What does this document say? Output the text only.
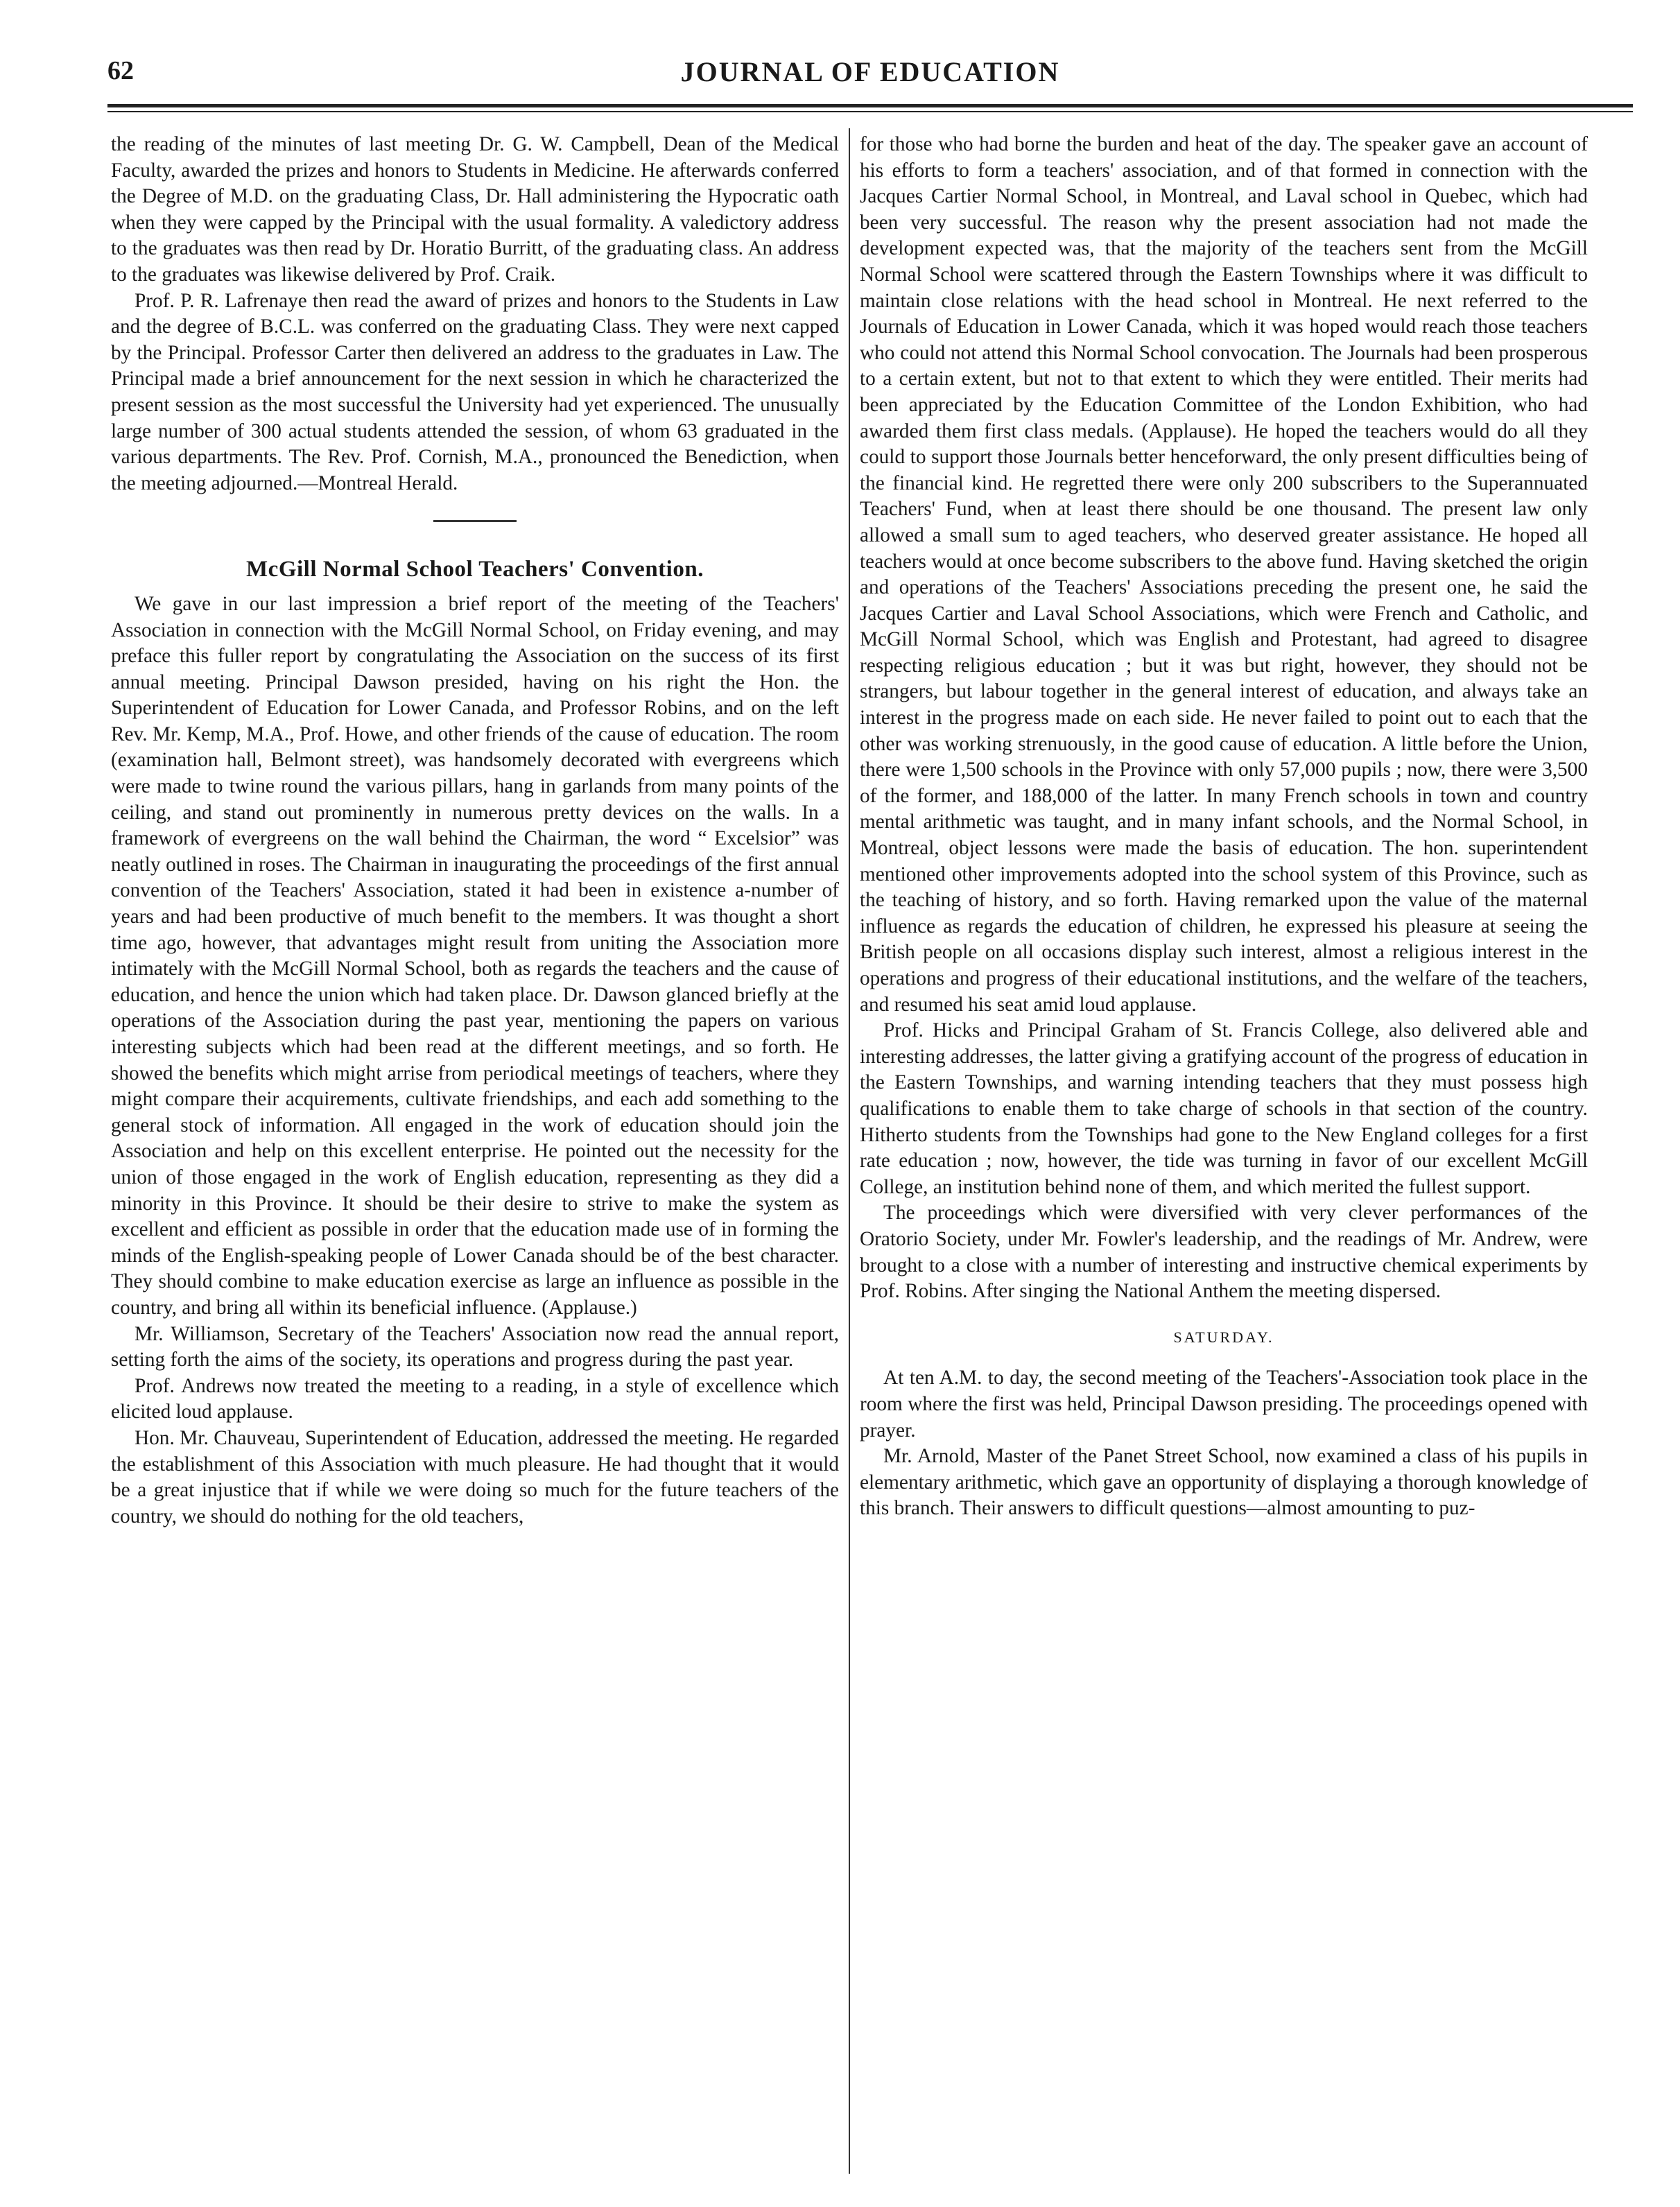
62	JOURNAL OF EDUCATION

the reading of the minutes of last meeting Dr. G. W. Campbell, Dean of the Medical Faculty, awarded the prizes and honors to Students in Medicine. He afterwards conferred the Degree of M.D. on the graduating Class, Dr. Hall administering the Hypocratic oath when they were capped by the Principal with the usual formality. A valedictory address to the graduates was then read by Dr. Horatio Burritt, of the graduating class. An address to the graduates was likewise delivered by Prof. Craik.

Prof. P. R. Lafrenaye then read the award of prizes and honors to the Students in Law and the degree of B.C.L. was conferred on the graduating Class. They were next capped by the Principal. Professor Carter then delivered an address to the graduates in Law. The Principal made a brief announcement for the next session in which he characterized the present session as the most successful the University had yet experienced. The unusually large number of 300 actual students attended the session, of whom 63 graduated in the various departments. The Rev. Prof. Cornish, M.A., pronounced the Benediction, when the meeting adjourned.—Montreal Herald.

McGill Normal School Teachers' Convention.

We gave in our last impression a brief report of the meeting of the Teachers' Association in connection with the McGill Normal School, on Friday evening, and may preface this fuller report by congratulating the Association on the success of its first annual meeting. Principal Dawson presided, having on his right the Hon. the Superintendent of Education for Lower Canada, and Professor Robins, and on the left Rev. Mr. Kemp, M.A., Prof. Howe, and other friends of the cause of education. The room (examination hall, Belmont street), was handsomely decorated with evergreens which were made to twine round the various pillars, hang in garlands from many points of the ceiling, and stand out prominently in numerous pretty devices on the walls. In a framework of evergreens on the wall behind the Chairman, the word “ Excelsior” was neatly outlined in roses. The Chairman in inaugurating the proceedings of the first annual convention of the Teachers' Association, stated it had been in existence a-number of years and had been productive of much benefit to the members. It was thought a short time ago, however, that advantages might result from uniting the Association more intimately with the McGill Normal School, both as regards the teachers and the cause of education, and hence the union which had taken place. Dr. Dawson glanced briefly at the operations of the Association during the past year, mentioning the papers on various interesting subjects which had been read at the different meetings, and so forth. He showed the benefits which might arrise from periodical meetings of teachers, where they might compare their acquirements, cultivate friendships, and each add something to the general stock of information. All engaged in the work of education should join the Association and help on this excellent enterprise. He pointed out the necessity for the union of those engaged in the work of English education, representing as they did a minority in this Province. It should be their desire to strive to make the system as excellent and efficient as possible in order that the education made use of in forming the minds of the English-speaking people of Lower Canada should be of the best character. They should combine to make education exercise as large an influence as possible in the country, and bring all within its beneficial influence. (Applause.)

Mr. Williamson, Secretary of the Teachers' Association now read the annual report, setting forth the aims of the society, its operations and progress during the past year.

Prof. Andrews now treated the meeting to a reading, in a style of excellence which elicited loud applause.

Hon. Mr. Chauveau, Superintendent of Education, addressed the meeting. He regarded the establishment of this Association with much pleasure. He had thought that it would be a great injustice that if while we were doing so much for the future teachers of the country, we should do nothing for the old teachers,

for those who had borne the burden and heat of the day. The speaker gave an account of his efforts to form a teachers' association, and of that formed in connection with the Jacques Cartier Normal School, in Montreal, and Laval school in Quebec, which had been very successful. The reason why the present association had not made the development expected was, that the majority of the teachers sent from the McGill Normal School were scattered through the Eastern Townships where it was difficult to maintain close relations with the head school in Montreal. He next referred to the Journals of Education in Lower Canada, which it was hoped would reach those teachers who could not attend this Normal School convocation. The Journals had been prosperous to a certain extent, but not to that extent to which they were entitled. Their merits had been appreciated by the Education Committee of the London Exhibition, who had awarded them first class medals. (Applause). He hoped the teachers would do all they could to support those Journals better henceforward, the only present difficulties being of the financial kind. He regretted there were only 200 subscribers to the Superannuated Teachers' Fund, when at least there should be one thousand. The present law only allowed a small sum to aged teachers, who deserved greater assistance. He hoped all teachers would at once become subscribers to the above fund. Having sketched the origin and operations of the Teachers' Associations preceding the present one, he said the Jacques Cartier and Laval School Associations, which were French and Catholic, and McGill Normal School, which was English and Protestant, had agreed to disagree respecting religious education ; but it was but right, however, they should not be strangers, but labour together in the general interest of education, and always take an interest in the progress made on each side. He never failed to point out to each that the other was working strenuously, in the good cause of education. A little before the Union, there were 1,500 schools in the Province with only 57,000 pupils ; now, there were 3,500 of the former, and 188,000 of the latter. In many French schools in town and country mental arithmetic was taught, and in many infant schools, and the Normal School, in Montreal, object lessons were made the basis of education. The hon. superintendent mentioned other improvements adopted into the school system of this Province, such as the teaching of history, and so forth. Having remarked upon the value of the maternal influence as regards the education of children, he expressed his pleasure at seeing the British people on all occasions display such interest, almost a religious interest in the operations and progress of their educational institutions, and the welfare of the teachers, and resumed his seat amid loud applause.

Prof. Hicks and Principal Graham of St. Francis College, also delivered able and interesting addresses, the latter giving a gratifying account of the progress of education in the Eastern Townships, and warning intending teachers that they must possess high qualifications to enable them to take charge of schools in that section of the country. Hitherto students from the Townships had gone to the New England colleges for a first rate education ; now, however, the tide was turning in favor of our excellent McGill College, an institution behind none of them, and which merited the fullest support.

The proceedings which were diversified with very clever performances of the Oratorio Society, under Mr. Fowler's leadership, and the readings of Mr. Andrew, were brought to a close with a number of interesting and instructive chemical experiments by Prof. Robins. After singing the National Anthem the meeting dispersed.

SATURDAY.

At ten A.M. to day, the second meeting of the Teachers'-Association took place in the room where the first was held, Principal Dawson presiding. The proceedings opened with prayer.

Mr. Arnold, Master of the Panet Street School, now examined a class of his pupils in elementary arithmetic, which gave an opportunity of displaying a thorough knowledge of this branch. Their answers to difficult questions—almost amounting to puz-
